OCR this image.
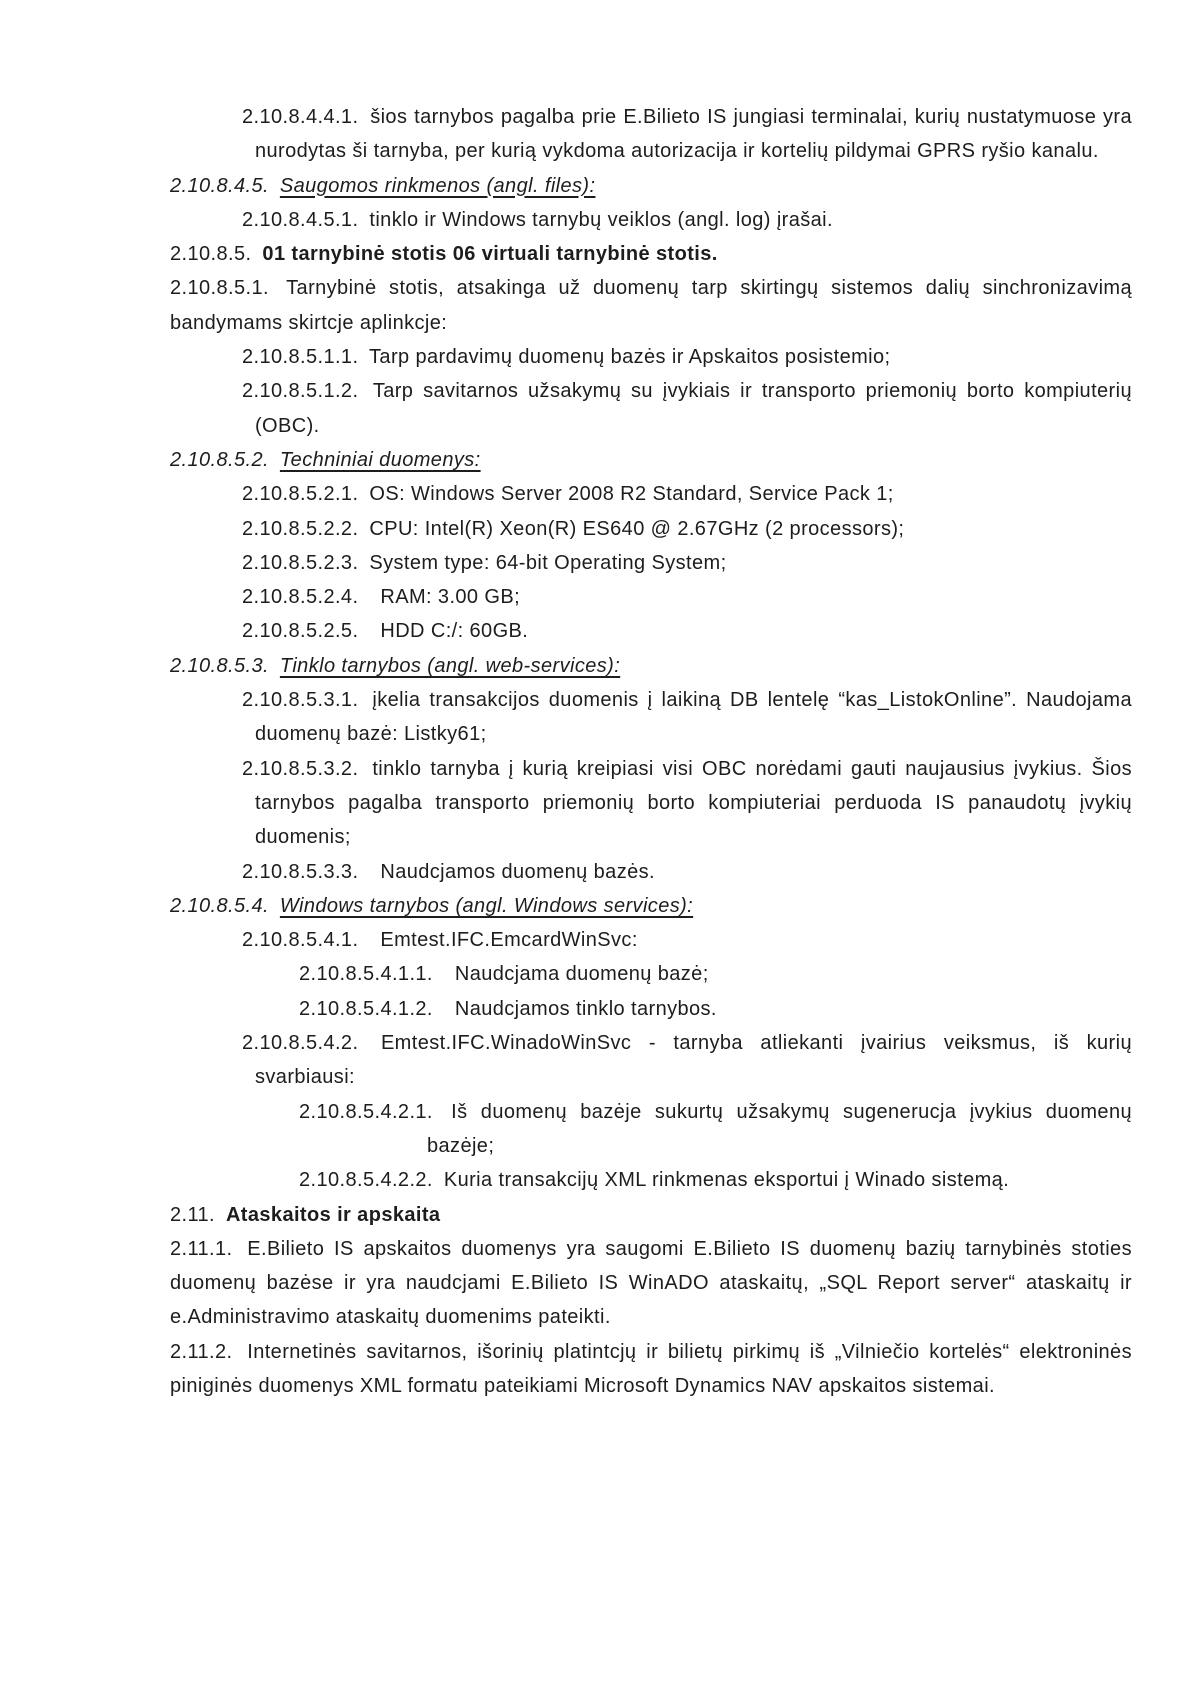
2.10.8.4.4.1. šios tarnybos pagalba prie E.Bilieto IS jungiasi terminalai, kurių nustatymuose yra nurodytas ši tarnyba, per kurią vykdoma autorizacija ir kortelių pildymai GPRS ryšio kanalu.

2.10.8.4.5. Saugomos rinkmenos (angl. files):

2.10.8.4.5.1. tinklo ir Windows tarnybų veiklos (angl. log) įrašai.

2.10.8.5. 01 tarnybinė stotis 06 virtuali tarnybinė stotis.

2.10.8.5.1. Tarnybinė stotis, atsakinga už duomenų tarp skirtingų sistemos dalių sinchronizavimą bandymams skirtcje aplinkcje:

2.10.8.5.1.1. Tarp pardavimų duomenų bazės ir Apskaitos posistemio;

2.10.8.5.1.2. Tarp savitarnos užsakymų su įvykiais ir transporto priemonių borto kompiuterių (OBC).

2.10.8.5.2. Techniniai duomenys:

2.10.8.5.2.1. OS: Windows Server 2008 R2 Standard, Service Pack 1;

2.10.8.5.2.2. CPU: Intel(R) Xeon(R) ES640 @ 2.67GHz (2 processors);

2.10.8.5.2.3. System type: 64-bit Operating System;

2.10.8.5.2.4. RAM: 3.00 GB;

2.10.8.5.2.5. HDD C:/: 60GB.

2.10.8.5.3. Tinklo tarnybos (angl. web-services):

2.10.8.5.3.1. įkelia transakcijos duomenis į laikiną DB lentelę “kas_ListokOnline”. Naudojama duomenų bazė: Listky61;

2.10.8.5.3.2. tinklo tarnyba į kurią kreipiasi visi OBC norėdami gauti naujausius įvykius. Šios tarnybos pagalba transporto priemonių borto kompiuteriai perduoda IS panaudotų įvykių duomenis;

2.10.8.5.3.3. Naudcjamos duomenų bazės.

2.10.8.5.4. Windows tarnybos (angl. Windows services):

2.10.8.5.4.1. Emtest.IFC.EmcardWinSvc:

2.10.8.5.4.1.1. Naudcjama duomenų bazė;

2.10.8.5.4.1.2. Naudcjamos tinklo tarnybos.

2.10.8.5.4.2. Emtest.IFC.WinadoWinSvc - tarnyba atliekanti įvairius veiksmus, iš kurių svarbiausi:

2.10.8.5.4.2.1. Iš duomenų bazėje sukurtų užsakymų sugenerucja įvykius duomenų bazėje;

2.10.8.5.4.2.2. Kuria transakcijų XML rinkmenas eksportui į Winado sistemą.

2.11. Ataskaitos ir apskaita

2.11.1. E.Bilieto IS apskaitos duomenys yra saugomi E.Bilieto IS duomenų bazių tarnybinės stoties duomenų bazėse ir yra naudcjami E.Bilieto IS WinADO ataskaitų, „SQL Report server“ ataskaitų ir e.Administravimo ataskaitų duomenims pateikti.

2.11.2. Internetinės savitarnos, išorinių platintcjų ir bilietų pirkimų iš „Vilniečio kortelės“ elektroninės piniginės duomenys XML formatu pateikiami Microsoft Dynamics NAV apskaitos sistemai.
